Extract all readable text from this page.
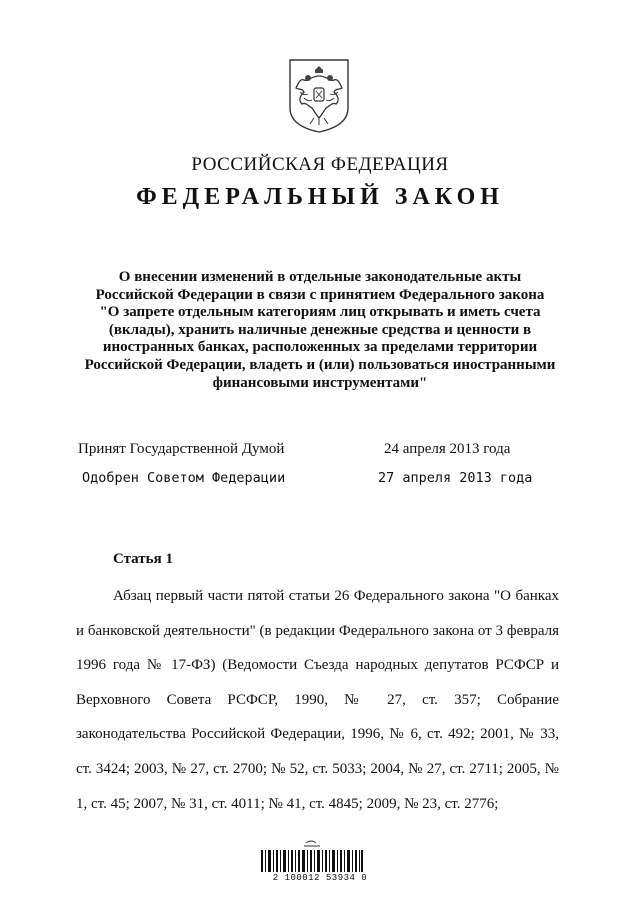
РОССИЙСКАЯ ФЕДЕРАЦИЯ
ФЕДЕРАЛЬНЫЙ ЗАКОН
О внесении изменений в отдельные законодательные акты
Российской Федерации в связи с принятием Федерального закона
"О запрете отдельным категориям лиц открывать и иметь счета
(вклады), хранить наличные денежные средства и ценности в
иностранных банках, расположенных за пределами территории
Российской Федерации, владеть и (или) пользоваться иностранными
финансовыми инструментами"
Принят Государственной Думой	24 апреля 2013 года
Одобрен Советом Федерации	27 апреля 2013 года
Статья 1

Абзац первый части пятой статьи 26 Федерального закона "О банках и банковской деятельности" (в редакции Федерального закона от 3 февраля 1996 года № 17-ФЗ) (Ведомости Съезда народных депутатов РСФСР и Верховного Совета РСФСР, 1990, № 27, ст. 357; Собрание законодательства Российской Федерации, 1996, № 6, ст. 492; 2001, № 33, ст. 3424; 2003, № 27, ст. 2700; № 52, ст. 5033; 2004, № 27, ст. 2711; 2005, № 1, ст. 45; 2007, № 31, ст. 4011; № 41, ст. 4845; 2009, № 23, ст. 2776;

2 100012 53934 0
